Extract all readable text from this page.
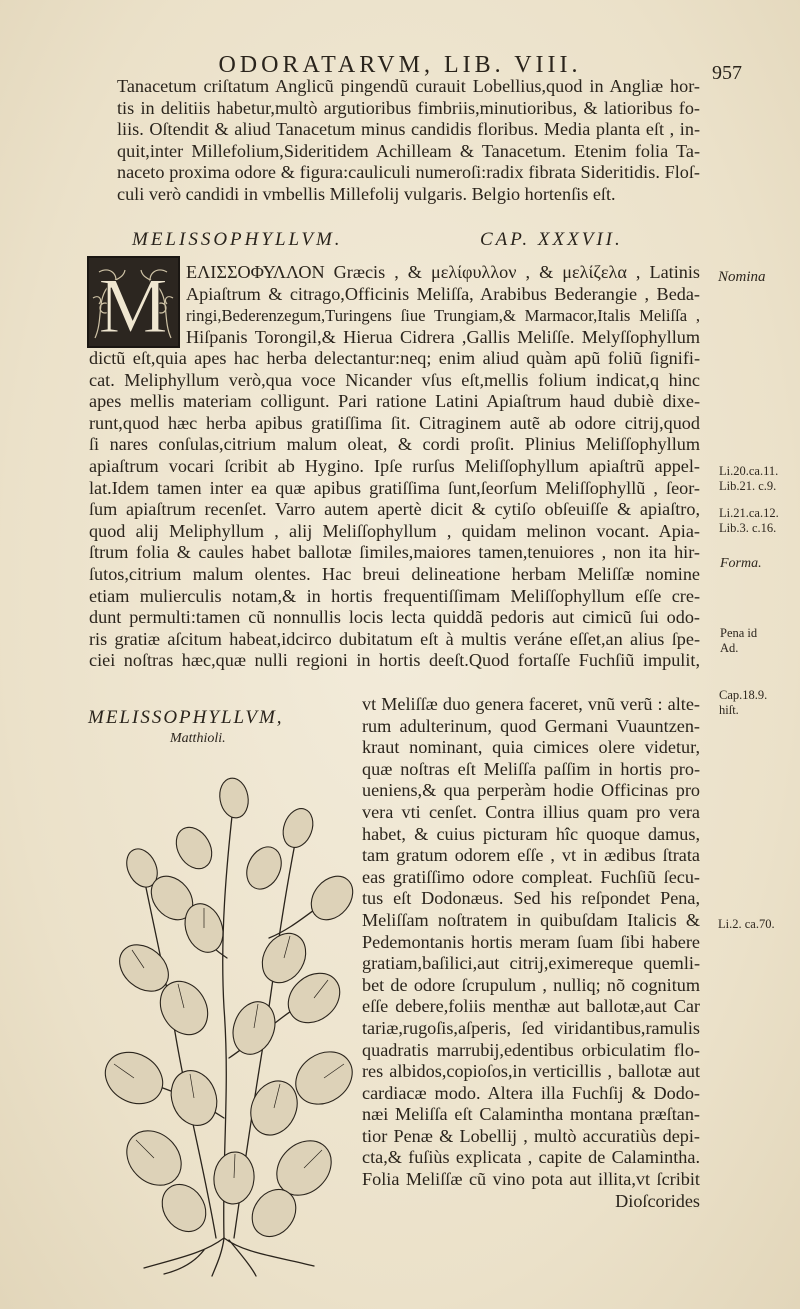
ODORATARVM, LIB. VIII.	957
Tanacetum criſtatum Anglicũ pingendũ curauit Lobellius,quod in Angliæ hor-
tis in delitiis habetur,multò argutioribus fimbriis,minutioribus, & latioribus fo-
liis. Oſtendit & aliud Tanacetum minus candidis floribus. Media planta eſt , in-
quit,inter Millefolium,Sideritidem Achilleam & Tanacetum. Etenim folia Ta-
naceto proxima odore & figura:cauliculi numeroſi:radix fibrata Sideritidis. Floſ-
culi verò candidi in vmbellis Millefolij vulgaris. Belgio hortenſis eſt.
MELISSOPHYLLVM.	CAP. XXXVII.
M ΕΛΙΣΣΟΦΥΛΛΟΝ Græcis , & μελίφυλλον , & μελίζελα , Latinis
Apiaſtrum & citrago,Officinis Meliſſa, Arabibus Bederangie , Beda-
ringi,Bederenzegum,Turingens ſiue Trungiam,& Marmacor,Italis Meliſſa ,
Hiſpanis Torongil,& Hierua Cidrera ,Gallis Meliſſe. Melyſſophyllum
dictũ eſt,quia apes hac herba delectantur:neq; enim aliud quàm apũ foliũ ſignifi-
cat. Meliphyllum verò,qua voce Nicander vſus eſt,mellis folium indicat,q hinc
apes mellis materiam colligunt. Pari ratione Latini Apiaſtrum haud dubiè dixe-
runt,quod hæc herba apibus gratiſſima ſit. Citraginem autẽ ab odore citrij,quod
ſi nares conſulas,citrium malum oleat, & cordi proſit. Plinius Meliſſophyllum
apiaſtrum vocari ſcribit ab Hygino. Ipſe rurſus Meliſſophyllum apiaſtrũ appel-
lat.Idem tamen inter ea quæ apibus gratiſſima ſunt,ſeorſum Meliſſophyllũ , ſeor-
ſum apiaſtrum recenſet. Varro autem apertè dicit & cytiſo obſeuiſſe & apiaſtro,
quod alij Meliphyllum , alij Meliſſophyllum , quidam melinon vocant. Apia-
ſtrum folia & caules habet ballotæ ſimiles,maiores tamen,tenuiores , non ita hir-
ſutos,citrium malum olentes. Hac breui delineatione herbam Meliſſæ nomine
etiam mulierculis notam,& in hortis frequentiſſimam Meliſſophyllum eſſe cre-
dunt permulti:tamen cũ nonnullis locis lecta quiddã pedoris aut cimicũ ſui odo-
ris gratiæ aſcitum habeat,idcirco dubitatum eſt à multis veráne eſſet,an alius ſpe-
ciei noſtras hæc,quæ nulli regioni in hortis deeſt.Quod fortaſſe Fuchſiũ impulit,
vt Meliſſæ duo genera faceret, vnũ verũ : alte-
rum adulterinum, quod Germani Vuauntzen-
kraut nominant, quia cimices olere videtur,
quæ noſtras eſt Meliſſa paſſim in hortis pro-
ueniens,& qua perperàm hodie Officinas pro
vera vti cenſet. Contra illius quam pro vera
habet, & cuius picturam hîc quoque damus,
tam gratum odorem eſſe , vt in ædibus ſtrata
eas gratiſſimo odore compleat. Fuchſiũ ſecu-
tus eſt Dodonæus. Sed his reſpondet Pena,
Meliſſam noſtratem in quibuſdam Italicis &
Pedemontanis hortis meram ſuam ſibi habere
gratiam,baſilici,aut citrij,eximereque quemli-
bet de odore ſcrupulum , nulliq; nõ cognitum
eſſe debere,foliis menthæ aut ballotæ,aut Car
tariæ,rugoſis,aſperis, ſed viridantibus,ramulis
quadratis marrubij,edentibus orbiculatim flo-
res albidos,copioſos,in verticillis , ballotæ aut
cardiacæ modo. Altera illa Fuchſij & Dodo-
næi Meliſſa eſt Calamintha montana præſtan-
tior Penæ & Lobellij , multò accuratiùs depi-
cta,& fuſiùs explicata , capite de Calamintha.
Folia Meliſſæ cũ vino pota aut illita,vt ſcribit
Dioſcorides
MELISSOPHYLLVM,
Matthioli.
Nomina
Li.20.ca.11.
Lib.21. c.9.
Li.21.ca.12.
Lib.3. c.16.
Forma.
Pena id
Ad.
Cap.18.9.
hiſt.
Li.2. ca.70.
